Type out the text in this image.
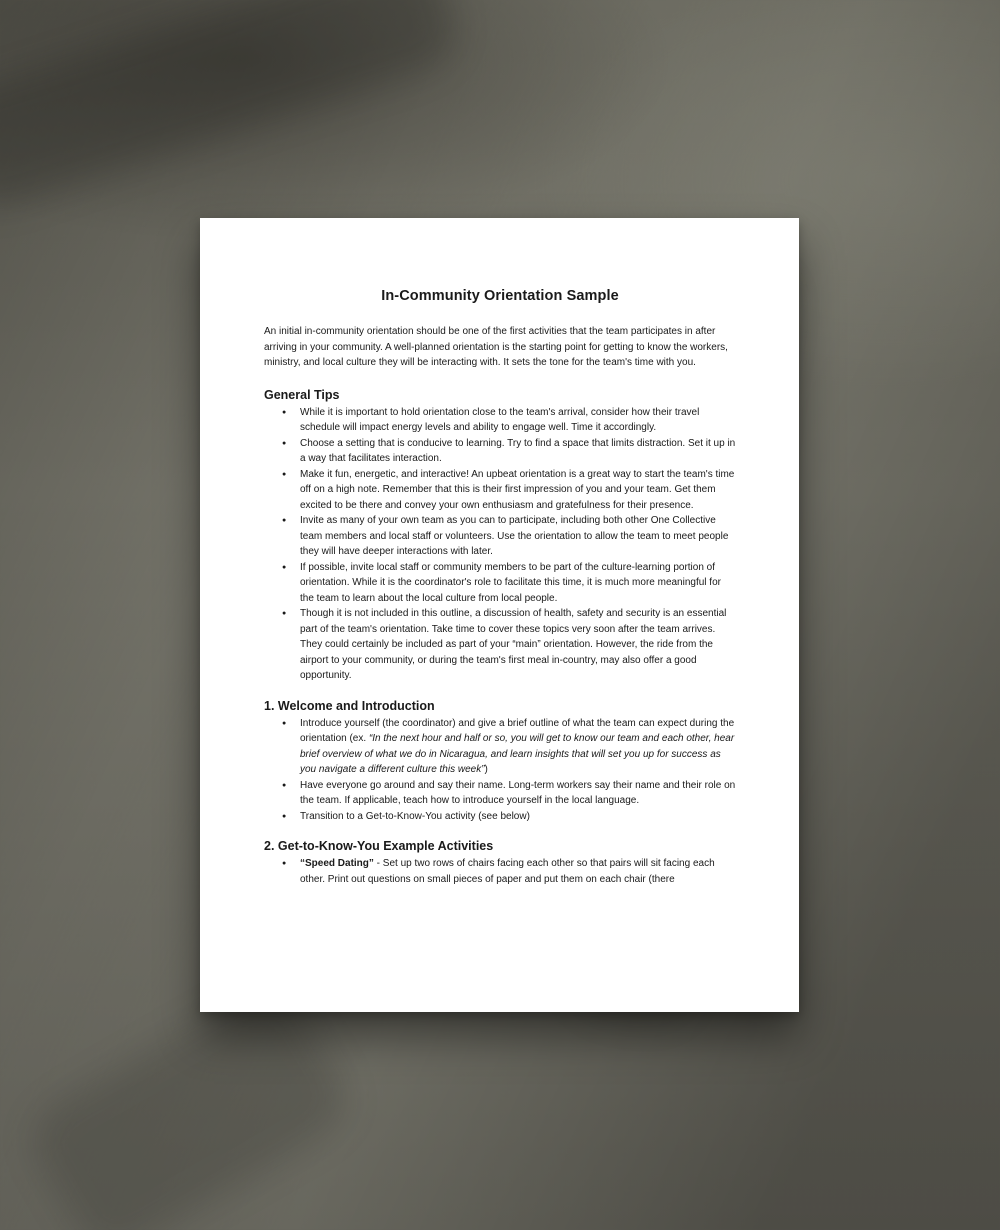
In-Community Orientation Sample

An initial in-community orientation should be one of the first activities that the team participates in after arriving in your community. A well-planned orientation is the starting point for getting to know the workers, ministry, and local culture they will be interacting with. It sets the tone for the team's time with you.

General Tips
● While it is important to hold orientation close to the team's arrival, consider how their travel schedule will impact energy levels and ability to engage well. Time it accordingly.
● Choose a setting that is conducive to learning. Try to find a space that limits distraction. Set it up in a way that facilitates interaction.
● Make it fun, energetic, and interactive! An upbeat orientation is a great way to start the team's time off on a high note. Remember that this is their first impression of you and your team. Get them excited to be there and convey your own enthusiasm and gratefulness for their presence.
● Invite as many of your own team as you can to participate, including both other One Collective team members and local staff or volunteers. Use the orientation to allow the team to meet people they will have deeper interactions with later.
● If possible, invite local staff or community members to be part of the culture-learning portion of orientation. While it is the coordinator's role to facilitate this time, it is much more meaningful for the team to learn about the local culture from local people.
● Though it is not included in this outline, a discussion of health, safety and security is an essential part of the team's orientation. Take time to cover these topics very soon after the team arrives. They could certainly be included as part of your “main” orientation. However, the ride from the airport to your community, or during the team's first meal in-country, may also offer a good opportunity.
1. Welcome and Introduction
● Introduce yourself (the coordinator) and give a brief outline of what the team can expect during the orientation (ex. “In the next hour and half or so, you will get to know our team and each other, hear brief overview of what we do in Nicaragua, and learn insights that will set you up for success as you navigate a different culture this week”)
● Have everyone go around and say their name. Long-term workers say their name and their role on the team. If applicable, teach how to introduce yourself in the local language.
● Transition to a Get-to-Know-You activity (see below)
2. Get-to-Know-You Example Activities
● “Speed Dating” - Set up two rows of chairs facing each other so that pairs will sit facing each other. Print out questions on small pieces of paper and put them on each chair (there
